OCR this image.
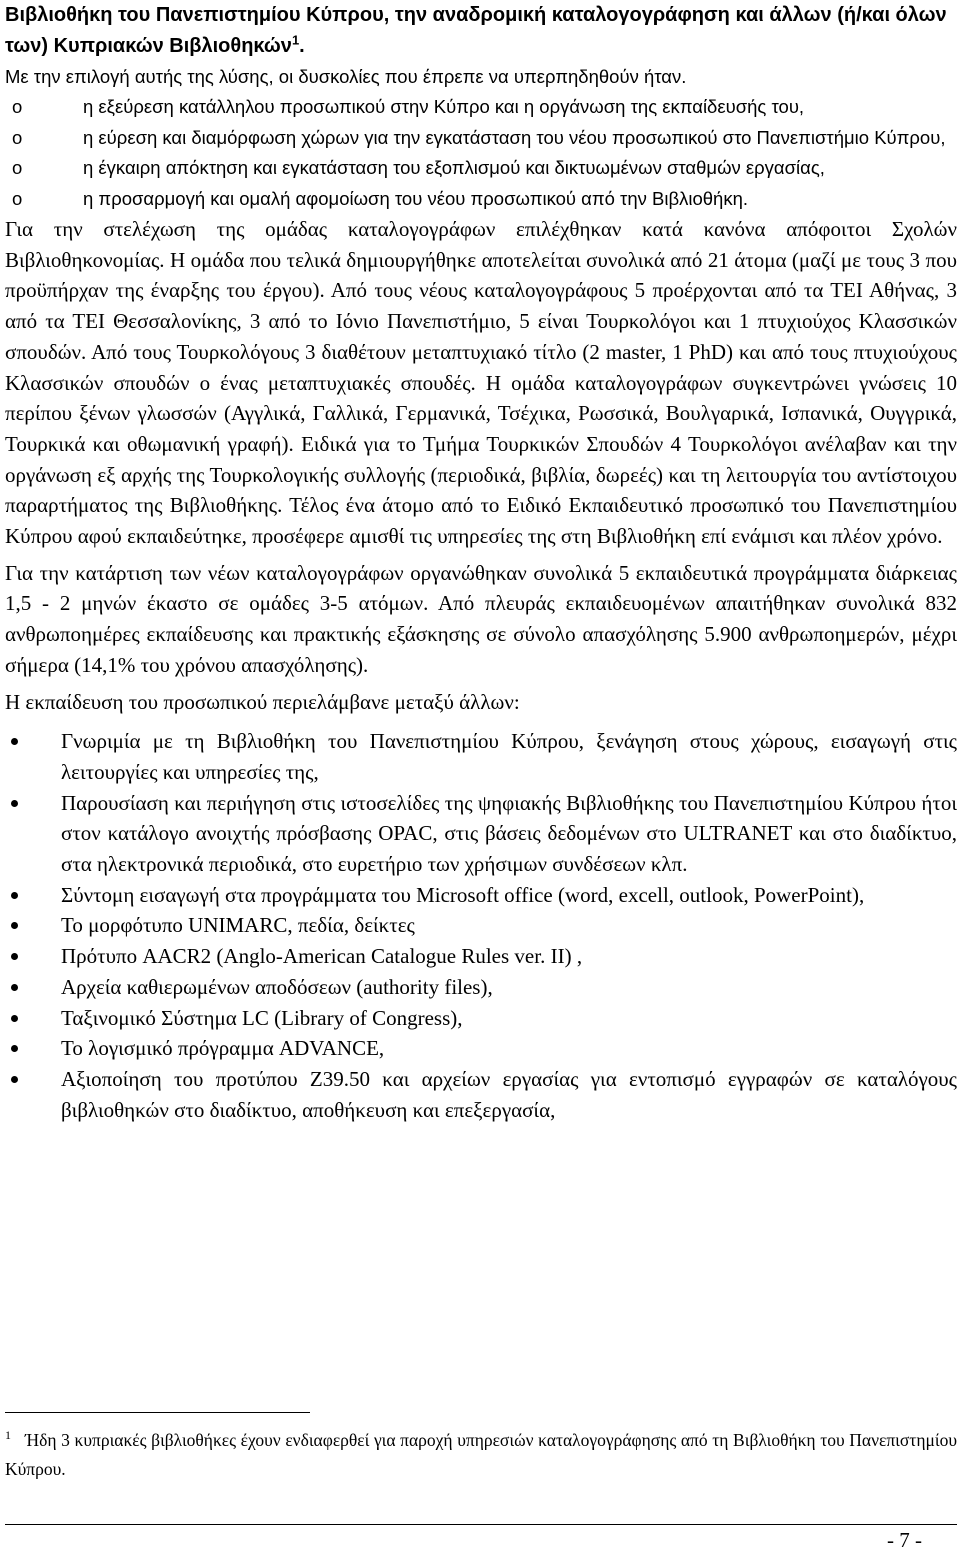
Βιβλιοθήκη του Πανεπιστημίου Κύπρου, την αναδρομική καταλογογράφηση και άλλων (ή/και όλων των) Κυπριακών Βιβλιοθηκών$^1$.

Με την επιλογή αυτής της λύσης, οι δυσκολίες που έπρεπε να υπερπηδηθούν ήταν.

o	η εξεύρεση κατάλληλου προσωπικού στην Κύπρο και η οργάνωση της εκπαίδευσής του,
o	η εύρεση και διαμόρφωση χώρων για την εγκατάσταση του νέου προσωπικού στο Πανεπιστήμιο Κύπρου,
o	η έγκαιρη απόκτηση και εγκατάσταση του εξοπλισμού και δικτυωμένων σταθμών εργασίας,
o	η προσαρμογή και ομαλή αφομοίωση του νέου προσωπικού από την Βιβλιοθήκη.

Για την στελέχωση της ομάδας καταλογογράφων επιλέχθηκαν κατά κανόνα απόφοιτοι Σχολών Βιβλιοθηκονομίας. Η ομάδα που τελικά δημιουργήθηκε αποτελείται συνολικά από 21 άτομα (μαζί με τους 3 που προϋπήρχαν της έναρξης του έργου). Από τους νέους καταλογογράφους 5 προέρχονται από τα ΤΕΙ Αθήνας, 3 από τα ΤΕΙ Θεσσαλονίκης, 3 από το Ιόνιο Πανεπιστήμιο, 5 είναι Τουρκολόγοι και 1 πτυχιούχος Κλασσικών σπουδών. Από τους Τουρκολόγους 3 διαθέτουν μεταπτυχιακό τίτλο (2 master, 1 PhD) και από τους πτυχιούχους Κλασσικών σπουδών ο ένας μεταπτυχιακές σπουδές. Η ομάδα καταλογογράφων συγκεντρώνει γνώσεις 10 περίπου ξένων γλωσσών (Αγγλικά, Γαλλικά, Γερμανικά, Τσέχικα, Ρωσσικά, Βουλγαρικά, Ισπανικά, Ουγγρικά, Τουρκικά και οθωμανική γραφή). Ειδικά για το Τμήμα Τουρκικών Σπουδών 4 Τουρκολόγοι ανέλαβαν και την οργάνωση εξ αρχής της Τουρκολογικής συλλογής (περιοδικά, βιβλία, δωρεές) και τη λειτουργία του αντίστοιχου παραρτήματος της Βιβλιοθήκης. Τέλος ένα άτομο από το Ειδικό Εκπαιδευτικό προσωπικό του Πανεπιστημίου Κύπρου αφού εκπαιδεύτηκε, προσέφερε αμισθί τις υπηρεσίες της στη Βιβλιοθήκη επί ενάμισι και πλέον χρόνο.

Για την κατάρτιση των νέων καταλογογράφων οργανώθηκαν συνολικά 5 εκπαιδευτικά προγράμματα διάρκειας 1,5 - 2 μηνών έκαστο σε ομάδες 3-5 ατόμων. Από πλευράς εκπαιδευομένων απαιτήθηκαν συνολικά 832 ανθρωποημέρες εκπαίδευσης και πρακτικής εξάσκησης σε σύνολο απασχόλησης 5.900 ανθρωποημερών, μέχρι σήμερα (14,1% του χρόνου απασχόλησης).

Η εκπαίδευση του προσωπικού περιελάμβανε μεταξύ άλλων:

Γνωριμία με τη Βιβλιοθήκη του Πανεπιστημίου Κύπρου, ξενάγηση στους χώρους, εισαγωγή στις λειτουργίες και υπηρεσίες της,
Παρουσίαση και περιήγηση στις ιστοσελίδες της ψηφιακής Βιβλιοθήκης του Πανεπιστημίου Κύπρου ήτοι στον κατάλογο ανοιχτής πρόσβασης OPAC, στις βάσεις δεδομένων στο ULTRANET και στο διαδίκτυο, στα ηλεκτρονικά περιοδικά, στο ευρετήριο των χρήσιμων συνδέσεων κλπ.
Σύντομη εισαγωγή στα προγράμματα του Microsoft office (word, excell, outlook, PowerPoint),
Το μορφότυπο UNIMARC, πεδία, δείκτες
Πρότυπο AACR2 (Anglo-American Catalogue Rules ver. II) ,
Αρχεία καθιερωμένων αποδόσεων (authority files),
Ταξινομικό Σύστημα LC (Library of Congress),
Το λογισμικό πρόγραμμα ADVANCE,
Αξιοποίηση του προτύπου Z39.50 και αρχείων εργασίας για εντοπισμό εγγραφών σε καταλόγους βιβλιοθηκών στο διαδίκτυο, αποθήκευση και επεξεργασία,
$^1$ Ήδη 3 κυπριακές βιβλιοθήκες έχουν ενδιαφερθεί για παροχή υπηρεσιών καταλογογράφησης από τη Βιβλιοθήκη του Πανεπιστημίου Κύπρου.
- 7 -
